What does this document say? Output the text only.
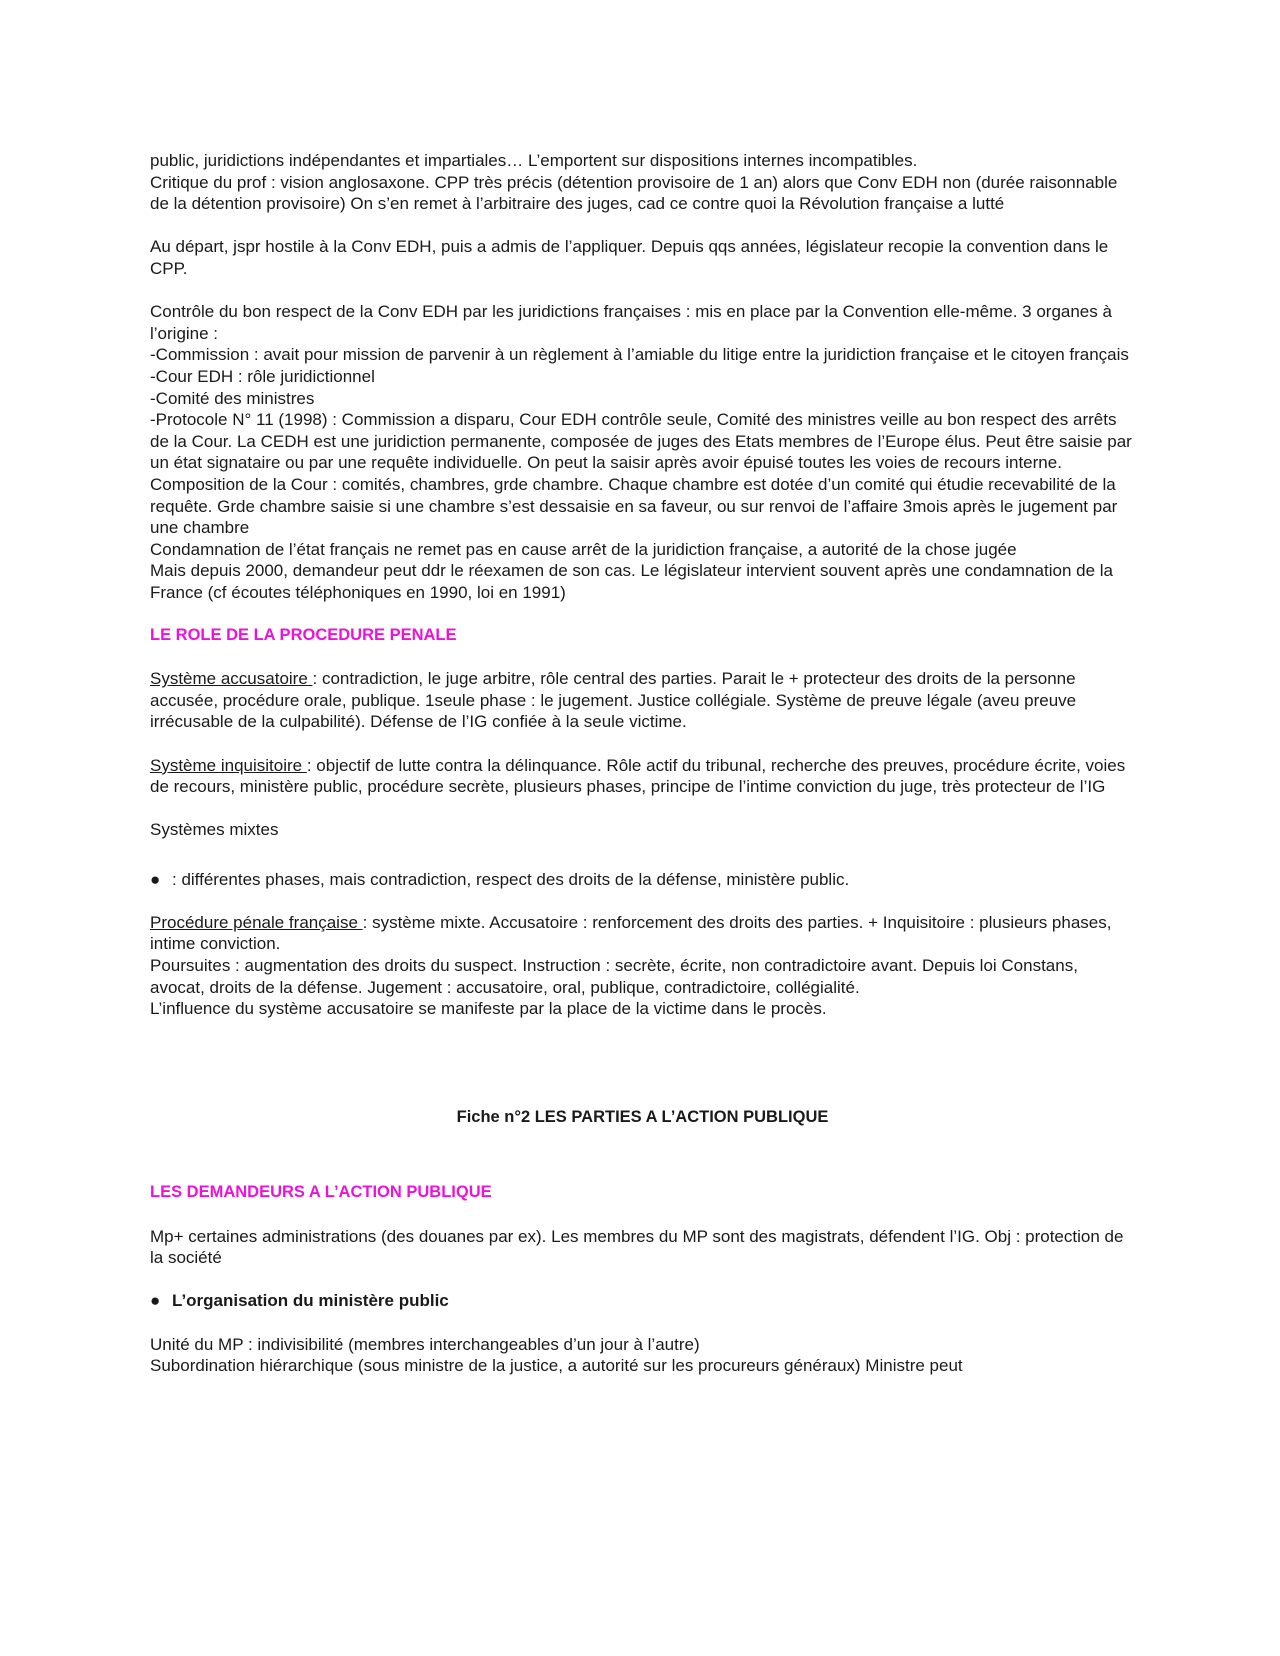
public, juridictions indépendantes et impartiales… L’emportent sur dispositions internes incompatibles.

Critique du prof : vision anglosaxone. CPP très précis (détention provisoire de 1 an) alors que Conv EDH non (durée raisonnable de la détention provisoire) On s’en remet à l’arbitraire des juges, cad ce contre quoi la Révolution française a lutté

Au départ, jspr hostile à la Conv EDH, puis a admis de l’appliquer. Depuis qqs années, législateur recopie la convention dans le CPP.

Contrôle du bon respect de la Conv EDH par les juridictions françaises : mis en place par la Convention elle-même. 3 organes à l’origine :

-Commission : avait pour mission de parvenir à un règlement à l’amiable du litige entre la juridiction française et le citoyen français

-Cour EDH : rôle juridictionnel

-Comité des ministres

-Protocole N° 11 (1998) : Commission a disparu, Cour EDH contrôle seule, Comité des ministres veille au bon respect des arrêts de la Cour. La CEDH est une juridiction permanente, composée de juges des Etats membres de l’Europe élus. Peut être saisie par un état signataire ou par une requête individuelle. On peut la saisir après avoir épuisé toutes les voies de recours interne.

Composition de la Cour : comités, chambres, grde chambre. Chaque chambre est dotée d’un comité qui étudie recevabilité de la requête. Grde chambre saisie si une chambre s’est dessaisie en sa faveur, ou sur renvoi de l’affaire 3mois après le jugement par une chambre

Condamnation de l’état français ne remet pas en cause arrêt de la juridiction française, a autorité de la chose jugée

Mais depuis 2000, demandeur peut ddr le réexamen de son cas. Le législateur intervient souvent après une condamnation de la France (cf écoutes téléphoniques en 1990, loi en 1991)

LE ROLE DE LA PROCEDURE PENALE

Système accusatoire : contradiction, le juge arbitre, rôle central des parties. Parait le + protecteur des droits de la personne accusée, procédure orale, publique. 1seule phase : le jugement. Justice collégiale. Système de preuve légale (aveu preuve irrécusable de la culpabilité). Défense de l’IG confiée à la seule victime.

Système inquisitoire : objectif de lutte contra la délinquance. Rôle actif du tribunal, recherche des preuves, procédure écrite, voies de recours, ministère public, procédure secrète, plusieurs phases, principe de l’intime conviction du juge, très protecteur de l’IG

Systèmes mixtes

● : différentes phases, mais contradiction, respect des droits de la défense, ministère public.

Procédure pénale française : système mixte. Accusatoire : renforcement des droits des parties. + Inquisitoire : plusieurs phases, intime conviction.

Poursuites : augmentation des droits du suspect. Instruction : secrète, écrite, non contradictoire avant. Depuis loi Constans, avocat, droits de la défense. Jugement : accusatoire, oral, publique, contradictoire, collégialité.

L’influence du système accusatoire se manifeste par la place de la victime dans le procès.

Fiche n°2 LES PARTIES A L’ACTION PUBLIQUE

LES DEMANDEURS A L’ACTION PUBLIQUE

Mp+ certaines administrations (des douanes par ex). Les membres du MP sont des magistrats, défendent l’IG. Obj : protection de la société

● L’organisation du ministère public

Unité du MP : indivisibilité (membres interchangeables d’un jour à l’autre)

Subordination hiérarchique (sous ministre de la justice, a autorité sur les procureurs généraux) Ministre peut
